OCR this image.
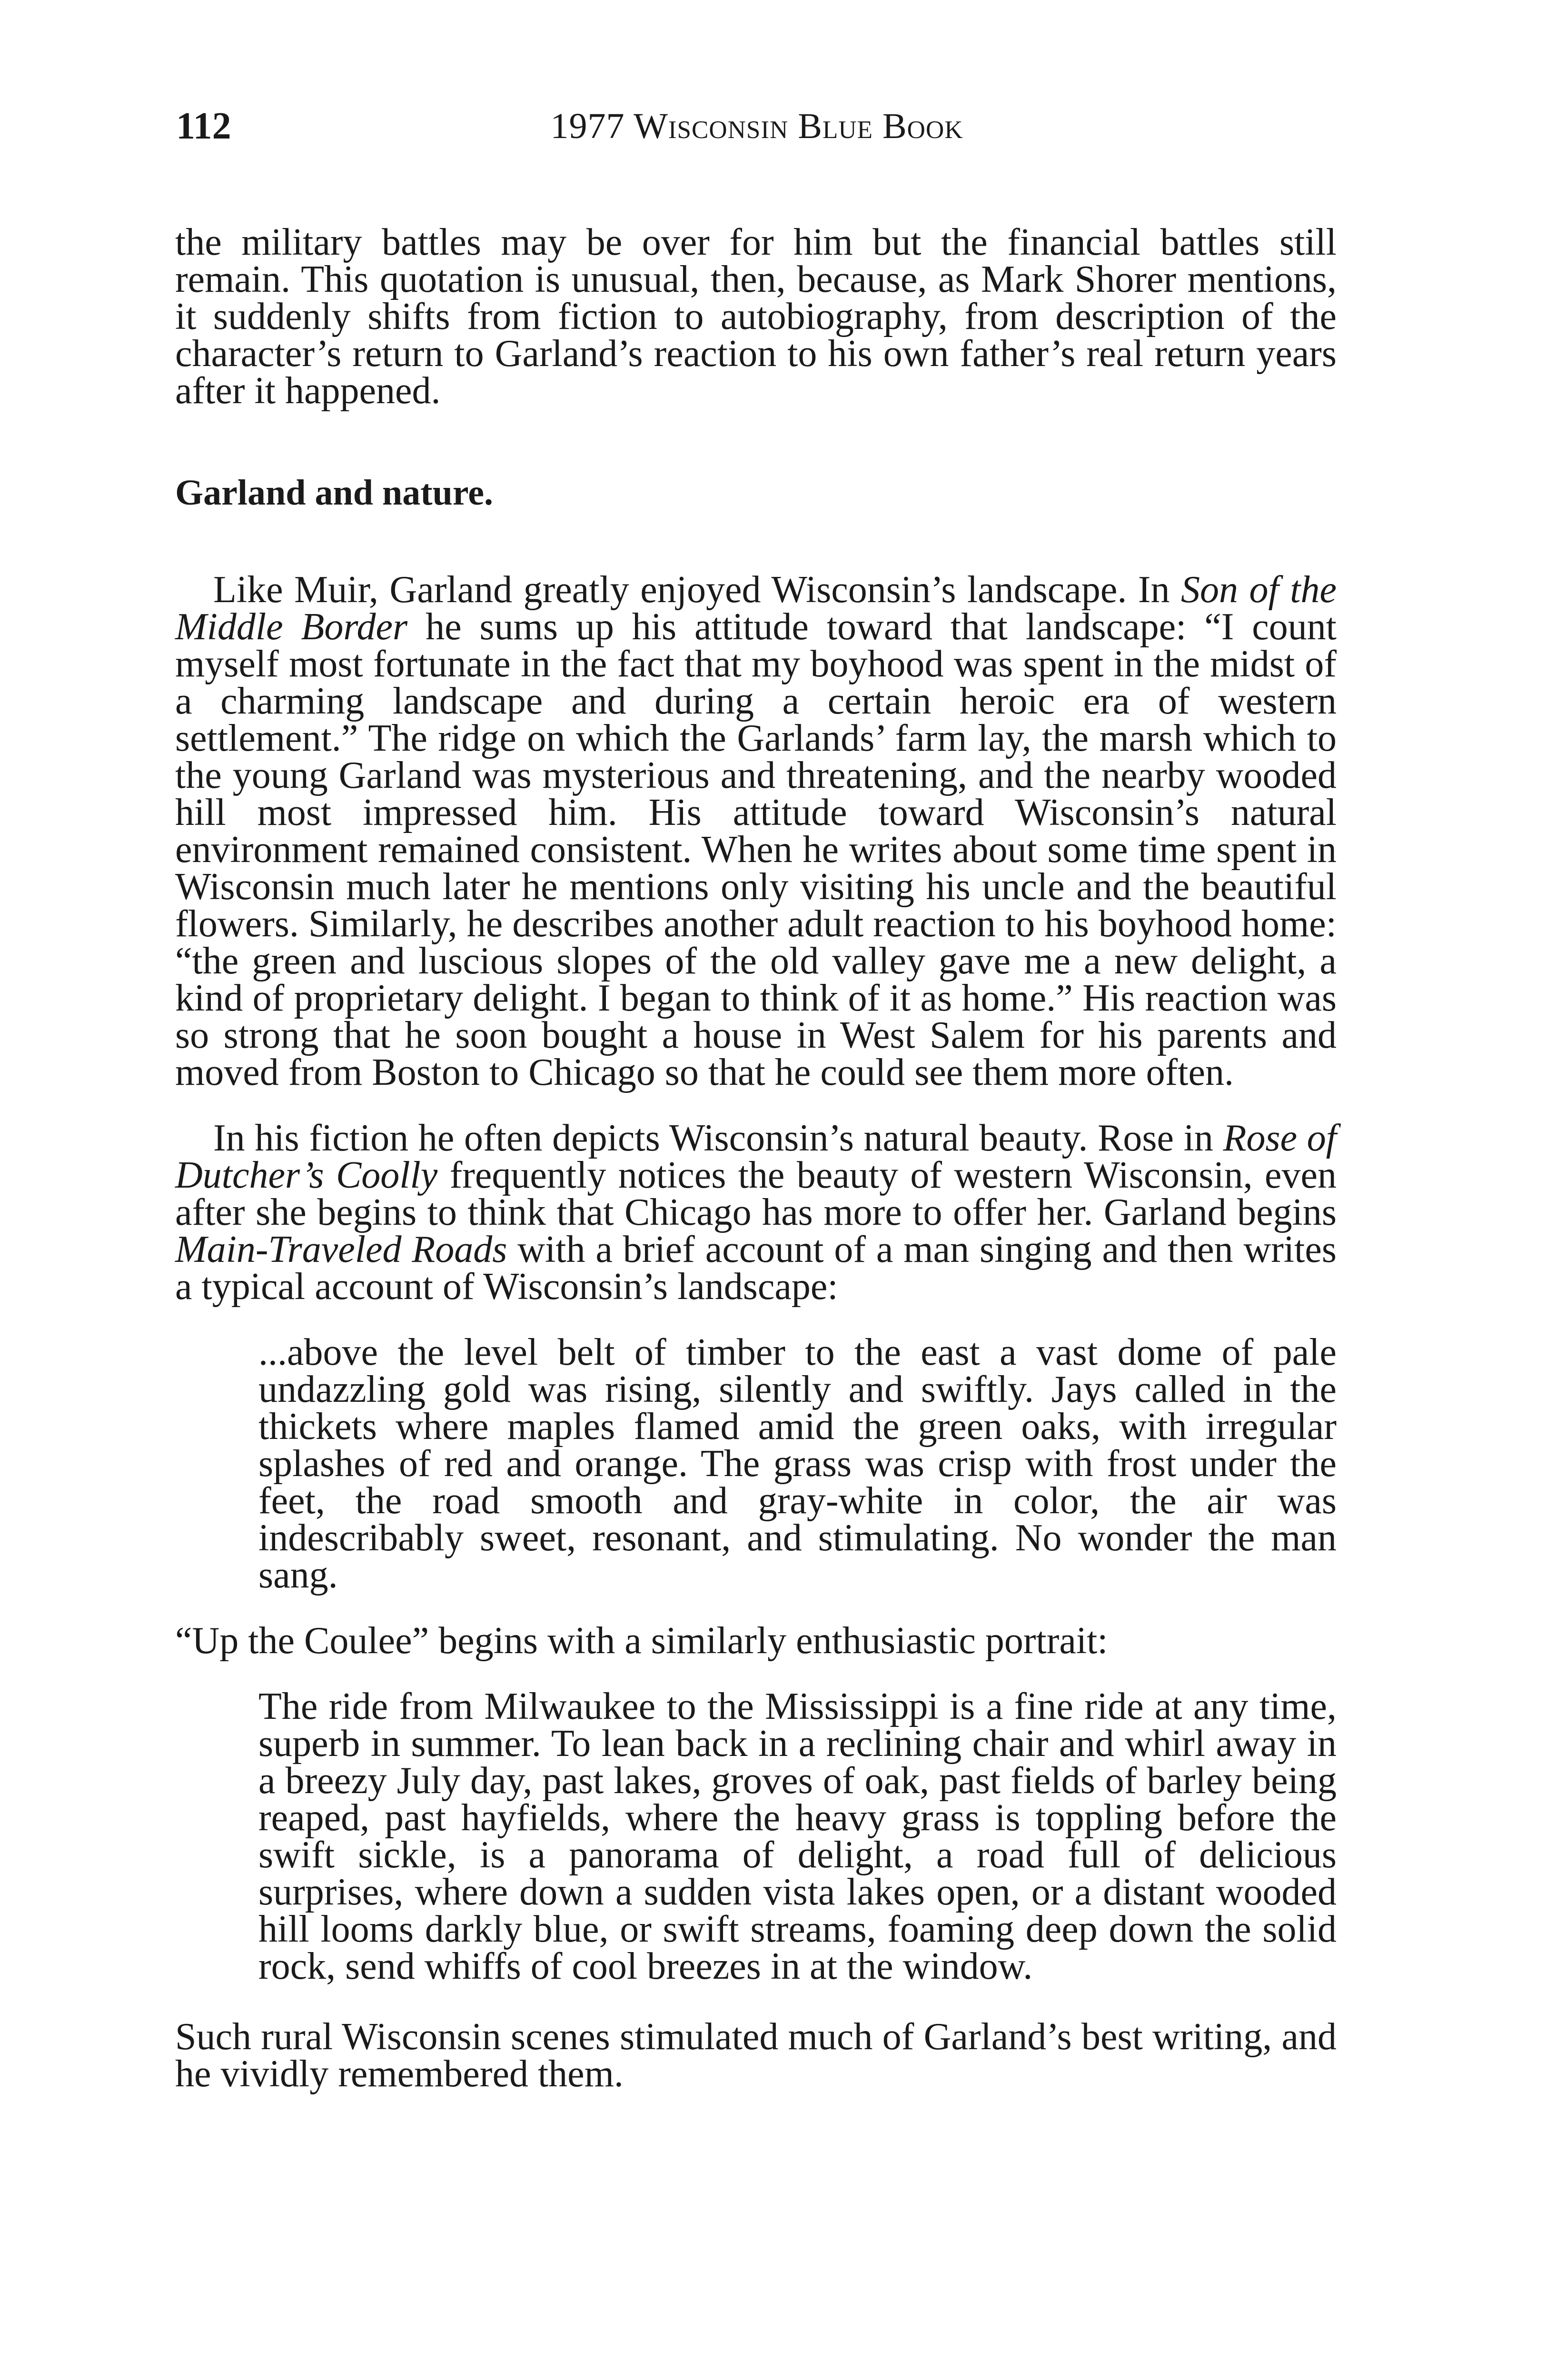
112	1977 Wisconsin Blue Book

the military battles may be over for him but the financial battles still remain. This quotation is unusual, then, because, as Mark Shorer mentions, it suddenly shifts from fiction to autobiography, from description of the character’s return to Garland’s reaction to his own father’s real return years after it happened.

Garland and nature.

Like Muir, Garland greatly enjoyed Wisconsin’s landscape. In Son of the Middle Border he sums up his attitude toward that landscape: “I count myself most fortunate in the fact that my boyhood was spent in the midst of a charming landscape and during a certain heroic era of western settlement.” The ridge on which the Garlands’ farm lay, the marsh which to the young Garland was mysterious and threatening, and the nearby wooded hill most impressed him. His attitude toward Wisconsin’s natural environment remained consistent. When he writes about some time spent in Wisconsin much later he mentions only visiting his uncle and the beautiful flowers. Similarly, he describes another adult reaction to his boyhood home: “the green and luscious slopes of the old valley gave me a new delight, a kind of proprietary delight. I began to think of it as home.” His reaction was so strong that he soon bought a house in West Salem for his parents and moved from Boston to Chicago so that he could see them more often.

In his fiction he often depicts Wisconsin’s natural beauty. Rose in Rose of Dutcher’s Coolly frequently notices the beauty of western Wisconsin, even after she begins to think that Chicago has more to offer her. Garland begins Main-Traveled Roads with a brief account of a man singing and then writes a typical account of Wisconsin’s landscape:

...above the level belt of timber to the east a vast dome of pale undazzling gold was rising, silently and swiftly. Jays called in the thickets where maples flamed amid the green oaks, with irregular splashes of red and orange. The grass was crisp with frost under the feet, the road smooth and gray-white in color, the air was indescribably sweet, resonant, and stimulating. No wonder the man sang.

“Up the Coulee” begins with a similarly enthusiastic portrait:

The ride from Milwaukee to the Mississippi is a fine ride at any time, superb in summer. To lean back in a reclining chair and whirl away in a breezy July day, past lakes, groves of oak, past fields of barley being reaped, past hayfields, where the heavy grass is toppling before the swift sickle, is a panorama of delight, a road full of delicious surprises, where down a sudden vista lakes open, or a distant wooded hill looms darkly blue, or swift streams, foaming deep down the solid rock, send whiffs of cool breezes in at the window.

Such rural Wisconsin scenes stimulated much of Garland’s best writing, and he vividly remembered them.
